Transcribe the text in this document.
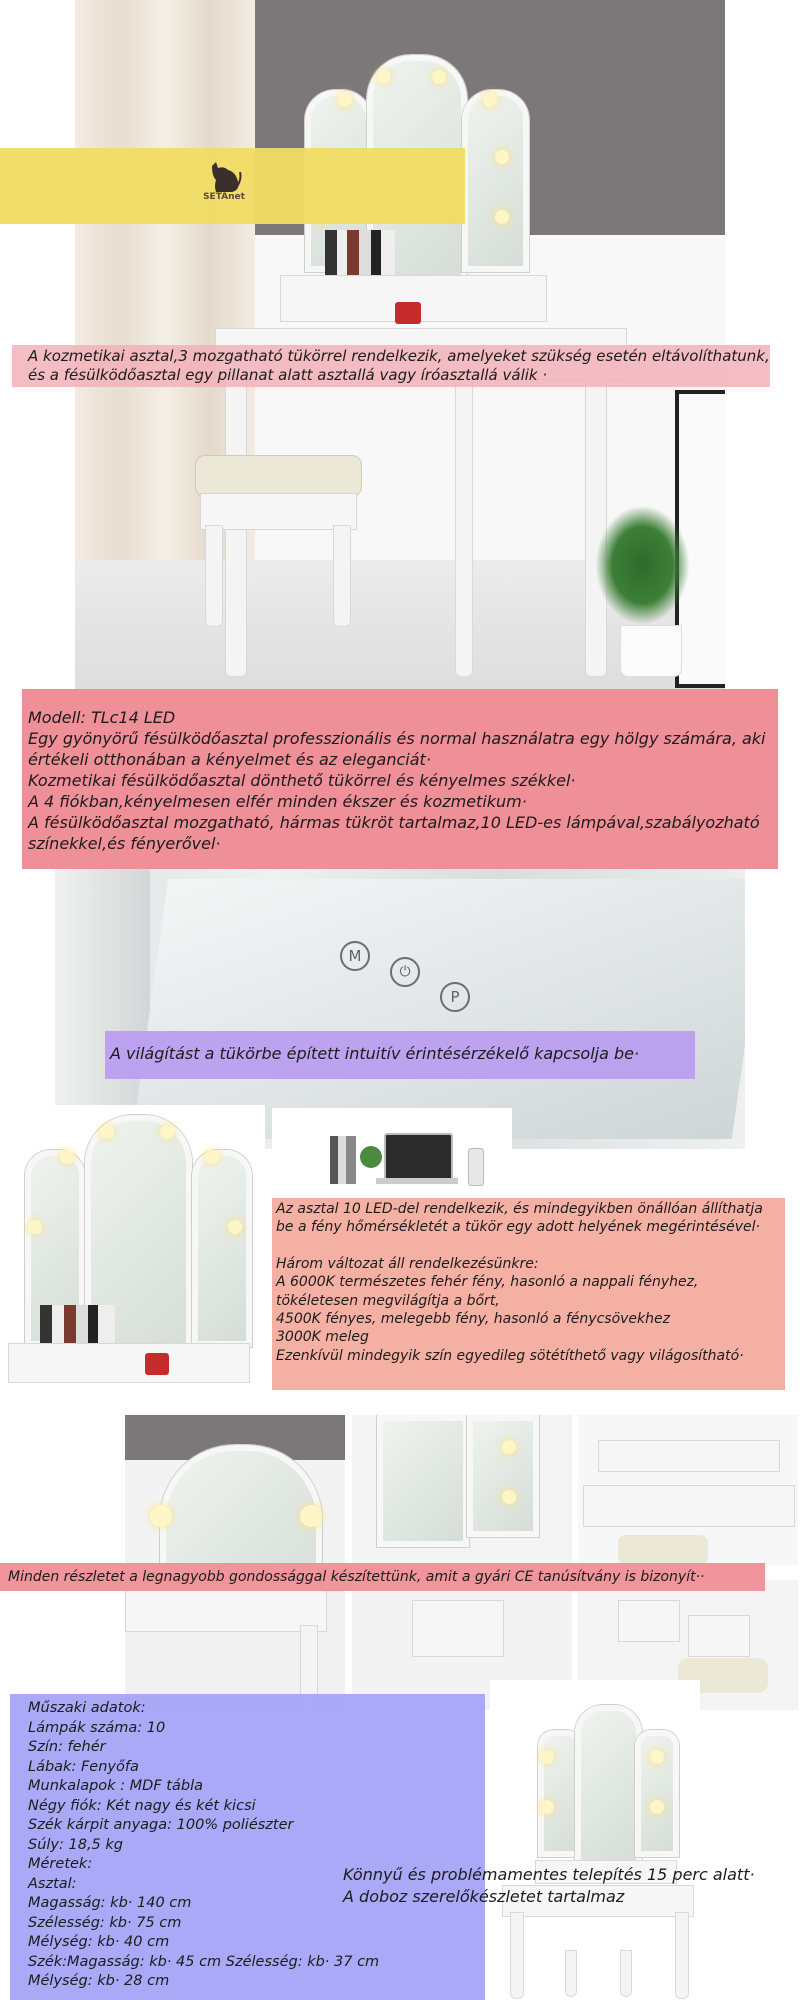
SETAnet
A kozmetikai asztal,3 mozgatható tükörrel rendelkezik, amelyeket szükség esetén eltávolíthatunk, és a fésülködőasztal egy pillanat alatt asztallá vagy íróasztallá válik ·
Modell: TLc14 LED
Egy gyönyörű fésülködőasztal professzionális és normal használatra egy hölgy számára, aki értékeli otthonában a kényelmet és az eleganciát·
Kozmetikai fésülködőasztal dönthető tükörrel és kényelmes székkel·
A 4 fiókban,kényelmesen elfér minden ékszer és kozmetikum·
A fésülködőasztal mozgatható, hármas tükröt tartalmaz,10 LED-es lámpával,szabályozható színekkel,és fényerővel·
M
⏻
P
A világítást a tükörbe épített intuitív érintésérzékelő kapcsolja be·
Az asztal 10 LED-del rendelkezik, és mindegyikben önállóan állíthatja be a fény hőmérsékletét a tükör egy adott helyének megérintésével·
Három változat áll rendelkezésünkre:
A 6000K természetes fehér fény, hasonló a nappali fényhez, tökéletesen megvilágítja a bőrt,
4500K fényes, melegebb fény, hasonló a fénycsövekhez
3000K meleg
Ezenkívül mindegyik szín egyedileg sötétíthető vagy világosítható·
Minden részletet a legnagyobb gondossággal készítettünk, amit a gyári CE tanúsítvány is bizonyít··
Műszaki adatok:
Lámpák száma: 10
Szín: fehér
Lábak: Fenyőfa
Munkalapok : MDF tábla
Négy fiók: Két nagy és két kicsi
Szék kárpit anyaga: 100% poliészter
Súly: 18,5 kg
Méretek:
Asztal:
Magasság: kb· 140 cm
Szélesség: kb· 75 cm
Mélység: kb· 40 cm
Szék:Magasság: kb· 45 cm Szélesség: kb· 37 cm
Mélység: kb· 28 cm
Könnyű és problémamentes telepítés 15 perc alatt·
A doboz szerelőkészletet tartalmaz
